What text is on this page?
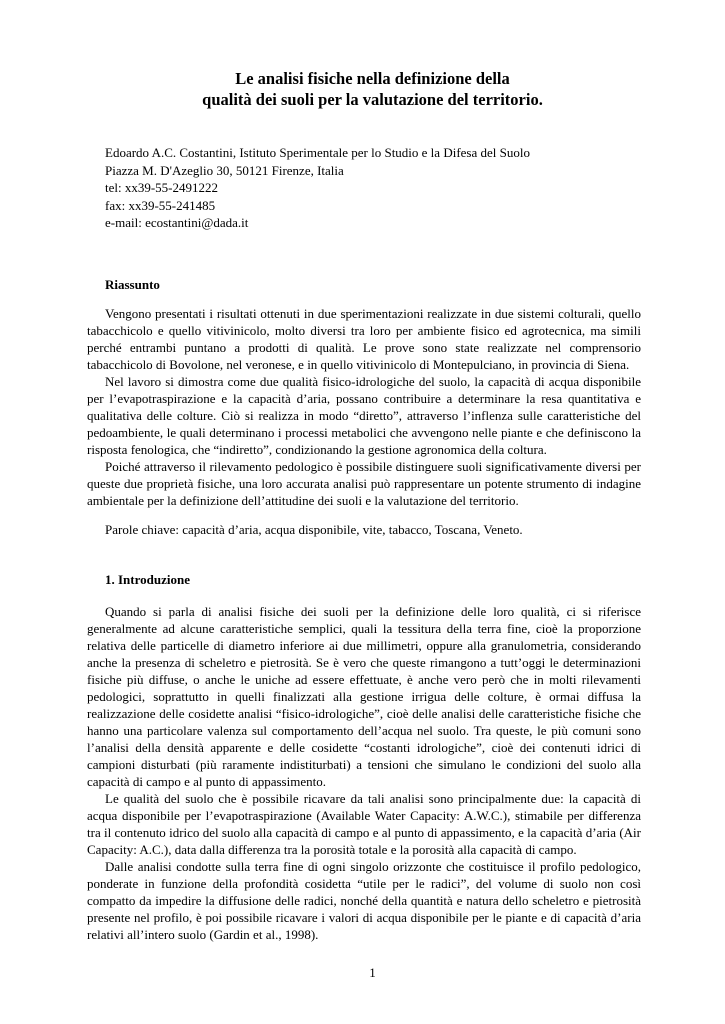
Le analisi fisiche nella definizione della
qualità dei suoli per la valutazione del territorio.
Edoardo A.C. Costantini, Istituto Sperimentale per lo Studio e la Difesa del Suolo
Piazza M. D'Azeglio 30, 50121 Firenze, Italia
tel: xx39-55-2491222
fax: xx39-55-241485
e-mail: ecostantini@dada.it
Riassunto

Vengono presentati i risultati ottenuti in due sperimentazioni realizzate in due sistemi colturali, quello tabacchicolo e quello vitivinicolo, molto diversi tra loro per ambiente fisico ed agrotecnica, ma simili perché entrambi puntano a prodotti di qualità. Le prove sono state realizzate nel comprensorio tabacchicolo di Bovolone, nel veronese, e in quello vitivinicolo di Montepulciano, in provincia di Siena.

Nel lavoro si dimostra come due qualità fisico-idrologiche del suolo, la capacità di acqua disponibile per l’evapotraspirazione e la capacità d’aria, possano contribuire a determinare la resa quantitativa e qualitativa delle colture. Ciò si realizza in modo “diretto”, attraverso l’inflenza sulle caratteristiche del pedoambiente, le quali determinano i processi metabolici che avvengono nelle piante e che definiscono la risposta fenologica, che “indiretto”, condizionando la gestione agronomica della coltura.

Poiché attraverso il rilevamento pedologico è possibile distinguere suoli significativamente diversi per queste due proprietà fisiche, una loro accurata analisi può rappresentare un potente strumento di indagine ambientale per la definizione dell’attitudine dei suoli e la valutazione del territorio.

Parole chiave: capacità d’aria, acqua disponibile, vite, tabacco, Toscana, Veneto.
1. Introduzione

Quando si parla di analisi fisiche dei suoli per la definizione delle loro qualità, ci si riferisce generalmente ad alcune caratteristiche semplici, quali la tessitura della terra fine, cioè la proporzione relativa delle particelle di diametro inferiore ai due millimetri, oppure alla granulometria, considerando anche la presenza di scheletro e pietrosità. Se è vero che queste rimangono a tutt’oggi le determinazioni fisiche più diffuse, o anche le uniche ad essere effettuate, è anche vero però che in molti rilevamenti pedologici, soprattutto in quelli finalizzati alla gestione irrigua delle colture, è ormai diffusa la realizzazione delle cosidette analisi “fisico-idrologiche”, cioè delle analisi delle caratteristiche fisiche che hanno una particolare valenza sul comportamento dell’acqua nel suolo. Tra queste, le più comuni sono l’analisi della densità apparente e delle cosidette “costanti idrologiche”, cioè dei contenuti idrici di campioni disturbati (più raramente indistiturbati) a tensioni che simulano le condizioni del suolo alla capacità di campo e al punto di appassimento.

Le qualità del suolo che è possibile ricavare da tali analisi sono principalmente due: la capacità di acqua disponibile per l’evapotraspirazione (Available Water Capacity: A.W.C.), stimabile per differenza tra il contenuto idrico del suolo alla capacità di campo e al punto di appassimento, e la capacità d’aria (Air Capacity: A.C.), data dalla differenza tra la porosità totale e la porosità alla capacità di campo.

Dalle analisi condotte sulla terra fine di ogni singolo orizzonte che costituisce il profilo pedologico, ponderate in funzione della profondità cosidetta “utile per le radici”, del volume di suolo non così compatto da impedire la diffusione delle radici, nonché della quantità e natura dello scheletro e pietrosità presente nel profilo, è poi possibile ricavare i valori di acqua disponibile per le piante e di capacità d’aria relativi all’intero suolo (Gardin et al., 1998).

1
